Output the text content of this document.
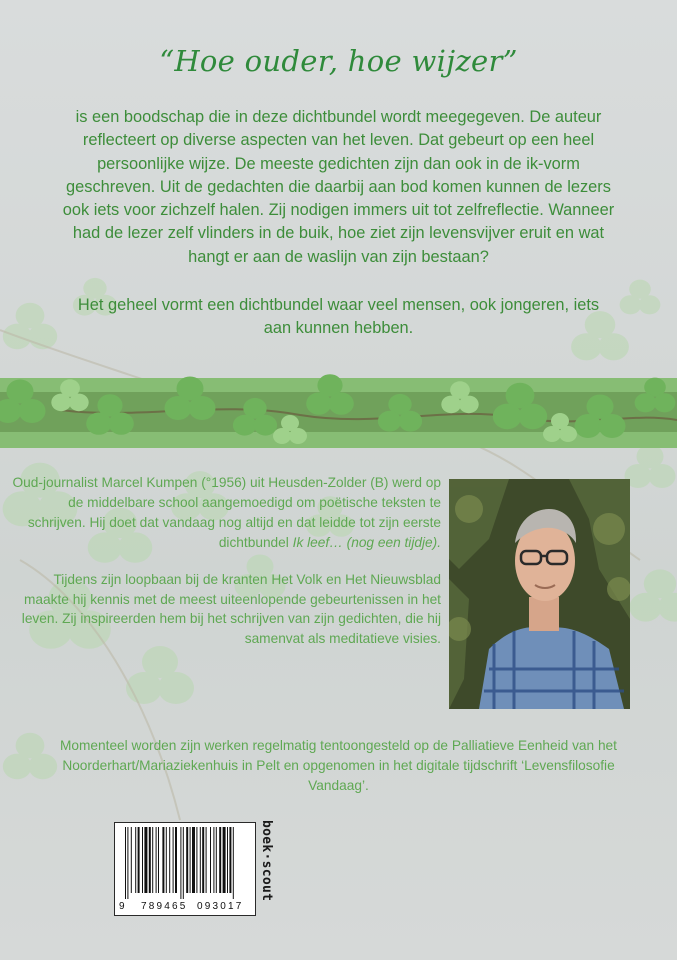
“Hoe ouder, hoe wijzer”

is een boodschap die in deze dichtbundel wordt meegegeven. De auteur reflecteert op diverse aspecten van het leven. Dat gebeurt op een heel persoonlijke wijze. De meeste gedichten zijn dan ook in de ik-vorm geschreven. Uit de gedachten die daarbij aan bod komen kunnen de lezers ook iets voor zichzelf halen. Zij nodigen immers uit tot zelfreflectie. Wanneer had de lezer zelf vlinders in de buik, hoe ziet zijn levensvijver eruit en wat hangt er aan de waslijn van zijn bestaan?

Het geheel vormt een dichtbundel waar veel mensen, ook jongeren, iets aan kunnen hebben.

Oud-journalist Marcel Kumpen (°1956) uit Heusden-Zolder (B) werd op de middelbare school aangemoedigd om poëtische teksten te schrijven. Hij doet dat vandaag nog altijd en dat leidde tot zijn eerste dichtbundel Ik leef… (nog een tijdje).

Tijdens zijn loopbaan bij de kranten Het Volk en Het Nieuwsblad maakte hij kennis met de meest uiteenlopende gebeurtenissen in het leven. Zij inspireerden hem bij het schrijven van zijn gedichten, die hij samenvat als meditatieve visies.

Momenteel worden zijn werken regelmatig tentoongesteld op de Palliatieve Eenheid van het Noorderhart/Mariaziekenhuis in Pelt en opgenomen in het digitale tijdschrift ‘Levensfilosofie Vandaag’.

9 789465 093017
boek·scout
